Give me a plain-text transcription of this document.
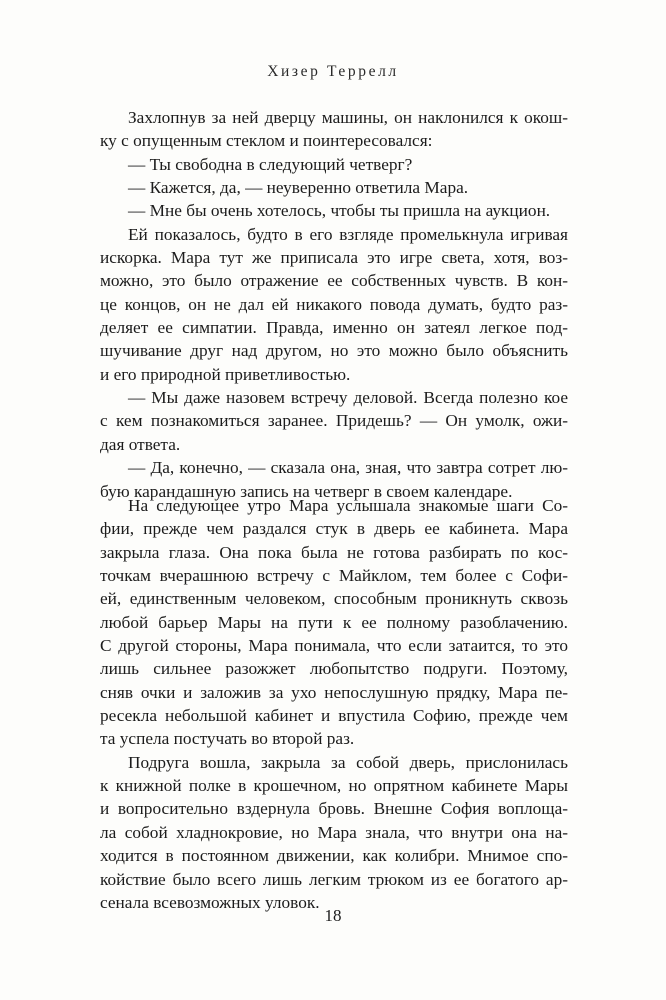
Хизер Террелл
Захлопнув за ней дверцу машины, он наклонился к окош-
ку с опущенным стеклом и поинтересовался:
— Ты свободна в следующий четверг?
— Кажется, да, — неуверенно ответила Мара.
— Мне бы очень хотелось, чтобы ты пришла на аукцион.
Ей показалось, будто в его взгляде промелькнула игривая
искорка. Мара тут же приписала это игре света, хотя, воз-
можно, это было отражение ее собственных чувств. В кон-
це концов, он не дал ей никакого повода думать, будто раз-
деляет ее симпатии. Правда, именно он затеял легкое под-
шучивание друг над другом, но это можно было объяснить
и его природной приветливостью.
— Мы даже назовем встречу деловой. Всегда полезно кое
с кем познакомиться заранее. Придешь? — Он умолк, ожи-
дая ответа.
— Да, конечно, — сказала она, зная, что завтра сотрет лю-
бую карандашную запись на четверг в своем календаре.
На следующее утро Мара услышала знакомые шаги Со-
фии, прежде чем раздался стук в дверь ее кабинета. Мара
закрыла глаза. Она пока была не готова разбирать по кос-
точкам вчерашнюю встречу с Майклом, тем более с Софи-
ей, единственным человеком, способным проникнуть сквозь
любой барьер Мары на пути к ее полному разоблачению.
С другой стороны, Мара понимала, что если затаится, то это
лишь сильнее разожжет любопытство подруги. Поэтому,
сняв очки и заложив за ухо непослушную прядку, Мара пе-
ресекла небольшой кабинет и впустила Софию, прежде чем
та успела постучать во второй раз.
Подруга вошла, закрыла за собой дверь, прислонилась
к книжной полке в крошечном, но опрятном кабинете Мары
и вопросительно вздернула бровь. Внешне София воплоща-
ла собой хладнокровие, но Мара знала, что внутри она на-
ходится в постоянном движении, как колибри. Мнимое спо-
койствие было всего лишь легким трюком из ее богатого ар-
сенала всевозможных уловок.
18
